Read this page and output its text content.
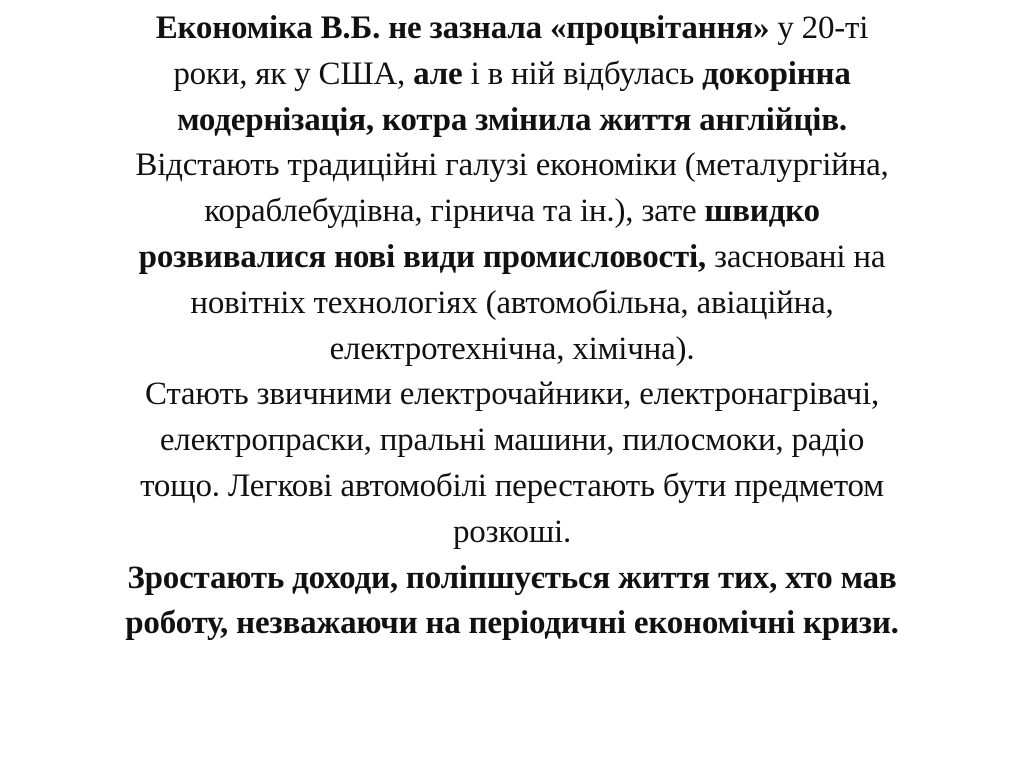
Економіка В.Б. не зазнала «процвітання» у 20-ті
роки, як у США, але і в ній відбулась докорінна
модернізація, котра змінила життя англійців.
Відстають традиційні галузі економіки (металургійна,
кораблебудівна, гірнича та ін.), зате швидко
розвивалися нові види промисловості, засновані на
новітніх технологіях (автомобільна, авіаційна,
електротехнічна, хімічна).
Стають звичними електрочайники, електронагрівачі,
електропраски, пральні машини, пилосмоки, радіо
тощо. Легкові автомобілі перестають бути предметом
розкоші.
Зростають доходи, поліпшується життя тих, хто мав
роботу, незважаючи на періодичні економічні кризи.
